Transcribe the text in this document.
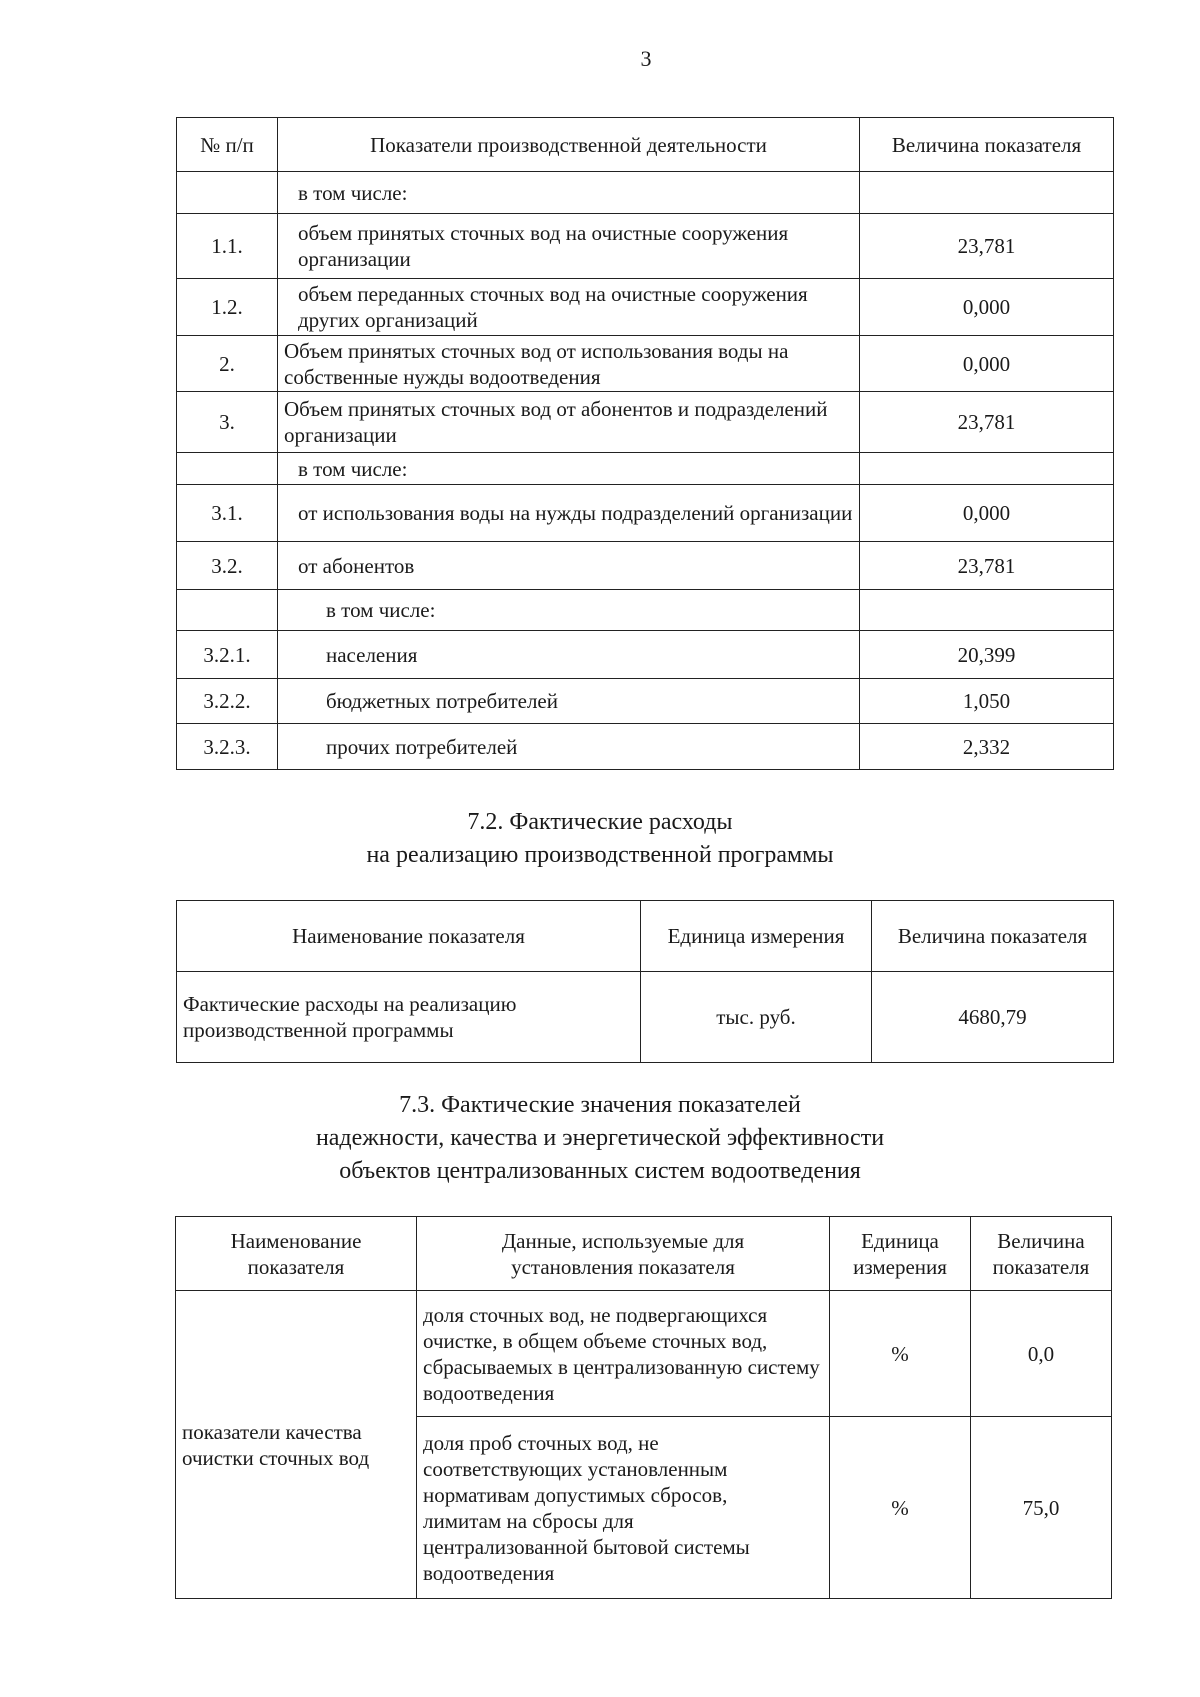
3
№ п/п	Показатели производственной деятельности	Величина показателя
	в том числе:	
1.1.	объем принятых сточных вод на очистные сооружения организации	23,781
1.2.	объем переданных сточных вод на очистные сооружения других организаций	0,000
2.	Объем принятых сточных вод от использования воды на собственные нужды водоотведения	0,000
3.	Объем принятых сточных вод от абонентов и подразделений организации	23,781
	в том числе:	
3.1.	от использования воды на нужды подразделений организации	0,000
3.2.	от абонентов	23,781
	в том числе:	
3.2.1.	населения	20,399
3.2.2.	бюджетных потребителей	1,050
3.2.3.	прочих потребителей	2,332
7.2. Фактические расходы
на реализацию производственной программы
Наименование показателя	Единица измерения	Величина показателя
Фактические расходы на реализацию производственной программы	тыс. руб.	4680,79
7.3. Фактические значения показателей
надежности, качества и энергетической эффективности
объектов централизованных систем водоотведения
Наименование показателя	Данные, используемые для установления показателя	Единица измерения	Величина показателя
показатели качества очистки сточных вод	доля сточных вод, не подвергающихся очистке, в общем объеме сточных вод, сбрасываемых в централизованную систему водоотведения	%	0,0
	доля проб сточных вод, не соответствующих установленным нормативам допустимых сбросов, лимитам на сбросы для централизованной бытовой системы водоотведения	%	75,0
